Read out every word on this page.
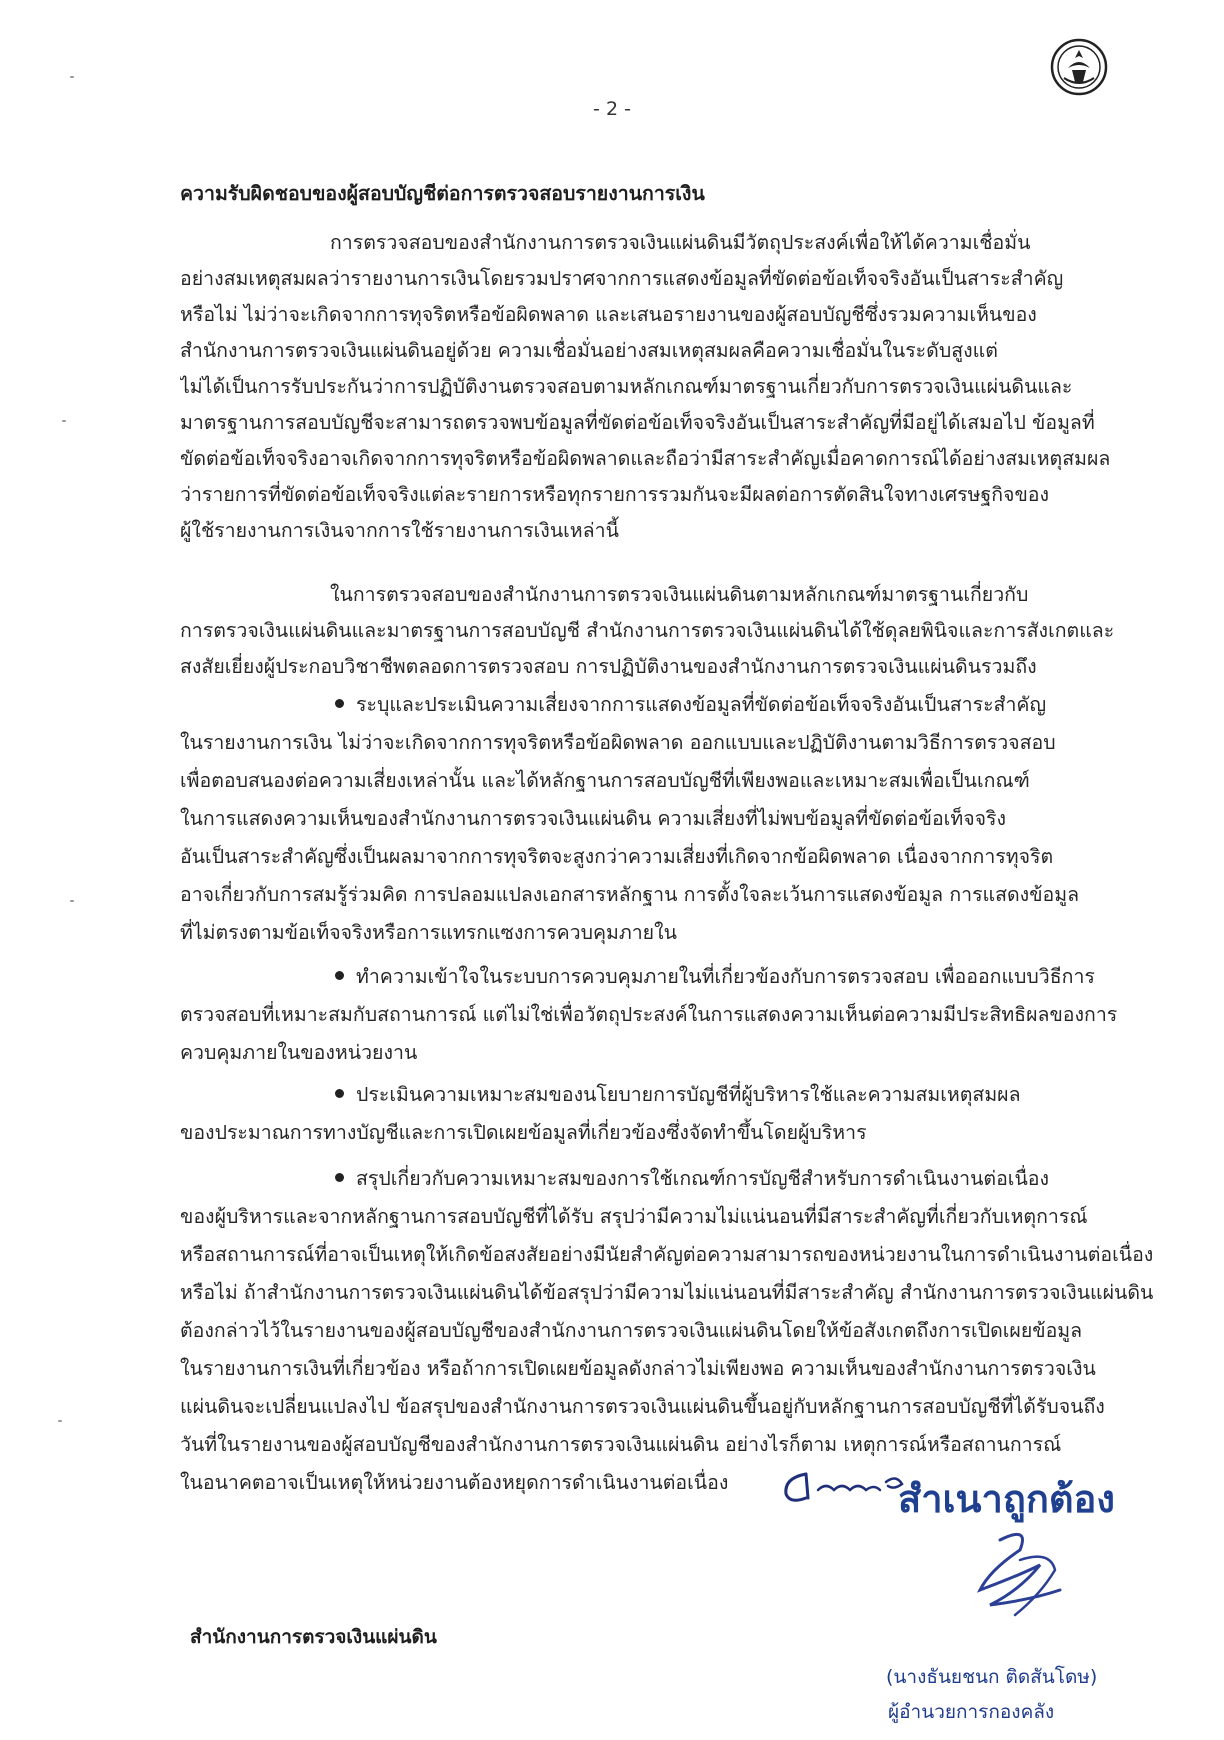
- 2 -
ความรับผิดชอบของผู้สอบบัญชีต่อการตรวจสอบรายงานการเงิน
การตรวจสอบของสำนักงานการตรวจเงินแผ่นดินมีวัตถุประสงค์เพื่อให้ได้ความเชื่อมั่น
อย่างสมเหตุสมผลว่ารายงานการเงินโดยรวมปราศจากการแสดงข้อมูลที่ขัดต่อข้อเท็จจริงอันเป็นสาระสำคัญ
หรือไม่ ไม่ว่าจะเกิดจากการทุจริตหรือข้อผิดพลาด และเสนอรายงานของผู้สอบบัญชีซึ่งรวมความเห็นของ
สำนักงานการตรวจเงินแผ่นดินอยู่ด้วย ความเชื่อมั่นอย่างสมเหตุสมผลคือความเชื่อมั่นในระดับสูงแต่
ไม่ได้เป็นการรับประกันว่าการปฏิบัติงานตรวจสอบตามหลักเกณฑ์มาตรฐานเกี่ยวกับการตรวจเงินแผ่นดินและ
มาตรฐานการสอบบัญชีจะสามารถตรวจพบข้อมูลที่ขัดต่อข้อเท็จจริงอันเป็นสาระสำคัญที่มีอยู่ได้เสมอไป ข้อมูลที่
ขัดต่อข้อเท็จจริงอาจเกิดจากการทุจริตหรือข้อผิดพลาดและถือว่ามีสาระสำคัญเมื่อคาดการณ์ได้อย่างสมเหตุสมผล
ว่ารายการที่ขัดต่อข้อเท็จจริงแต่ละรายการหรือทุกรายการรวมกันจะมีผลต่อการตัดสินใจทางเศรษฐกิจของ
ผู้ใช้รายงานการเงินจากการใช้รายงานการเงินเหล่านี้
ในการตรวจสอบของสำนักงานการตรวจเงินแผ่นดินตามหลักเกณฑ์มาตรฐานเกี่ยวกับ
การตรวจเงินแผ่นดินและมาตรฐานการสอบบัญชี สำนักงานการตรวจเงินแผ่นดินได้ใช้ดุลยพินิจและการสังเกตและ
สงสัยเยี่ยงผู้ประกอบวิชาชีพตลอดการตรวจสอบ การปฏิบัติงานของสำนักงานการตรวจเงินแผ่นดินรวมถึง
ระบุและประเมินความเสี่ยงจากการแสดงข้อมูลที่ขัดต่อข้อเท็จจริงอันเป็นสาระสำคัญ
ในรายงานการเงิน ไม่ว่าจะเกิดจากการทุจริตหรือข้อผิดพลาด ออกแบบและปฏิบัติงานตามวิธีการตรวจสอบ
เพื่อตอบสนองต่อความเสี่ยงเหล่านั้น และได้หลักฐานการสอบบัญชีที่เพียงพอและเหมาะสมเพื่อเป็นเกณฑ์
ในการแสดงความเห็นของสำนักงานการตรวจเงินแผ่นดิน ความเสี่ยงที่ไม่พบข้อมูลที่ขัดต่อข้อเท็จจริง
อันเป็นสาระสำคัญซึ่งเป็นผลมาจากการทุจริตจะสูงกว่าความเสี่ยงที่เกิดจากข้อผิดพลาด เนื่องจากการทุจริต
อาจเกี่ยวกับการสมรู้ร่วมคิด การปลอมแปลงเอกสารหลักฐาน การตั้งใจละเว้นการแสดงข้อมูล การแสดงข้อมูล
ที่ไม่ตรงตามข้อเท็จจริงหรือการแทรกแซงการควบคุมภายใน
ทำความเข้าใจในระบบการควบคุมภายในที่เกี่ยวข้องกับการตรวจสอบ เพื่อออกแบบวิธีการ
ตรวจสอบที่เหมาะสมกับสถานการณ์ แต่ไม่ใช่เพื่อวัตถุประสงค์ในการแสดงความเห็นต่อความมีประสิทธิผลของการ
ควบคุมภายในของหน่วยงาน
ประเมินความเหมาะสมของนโยบายการบัญชีที่ผู้บริหารใช้และความสมเหตุสมผล
ของประมาณการทางบัญชีและการเปิดเผยข้อมูลที่เกี่ยวข้องซึ่งจัดทำขึ้นโดยผู้บริหาร
สรุปเกี่ยวกับความเหมาะสมของการใช้เกณฑ์การบัญชีสำหรับการดำเนินงานต่อเนื่อง
ของผู้บริหารและจากหลักฐานการสอบบัญชีที่ได้รับ สรุปว่ามีความไม่แน่นอนที่มีสาระสำคัญที่เกี่ยวกับเหตุการณ์
หรือสถานการณ์ที่อาจเป็นเหตุให้เกิดข้อสงสัยอย่างมีนัยสำคัญต่อความสามารถของหน่วยงานในการดำเนินงานต่อเนื่อง
หรือไม่ ถ้าสำนักงานการตรวจเงินแผ่นดินได้ข้อสรุปว่ามีความไม่แน่นอนที่มีสาระสำคัญ สำนักงานการตรวจเงินแผ่นดิน
ต้องกล่าวไว้ในรายงานของผู้สอบบัญชีของสำนักงานการตรวจเงินแผ่นดินโดยให้ข้อสังเกตถึงการเปิดเผยข้อมูล
ในรายงานการเงินที่เกี่ยวข้อง หรือถ้าการเปิดเผยข้อมูลดังกล่าวไม่เพียงพอ ความเห็นของสำนักงานการตรวจเงิน
แผ่นดินจะเปลี่ยนแปลงไป ข้อสรุปของสำนักงานการตรวจเงินแผ่นดินขึ้นอยู่กับหลักฐานการสอบบัญชีที่ได้รับจนถึง
วันที่ในรายงานของผู้สอบบัญชีของสำนักงานการตรวจเงินแผ่นดิน อย่างไรก็ตาม เหตุการณ์หรือสถานการณ์
ในอนาคตอาจเป็นเหตุให้หน่วยงานต้องหยุดการดำเนินงานต่อเนื่อง	สำเนาถูกต้อง
สำนักงานการตรวจเงินแผ่นดิน
(นางธันยชนก ติดสันโดษ)
ผู้อำนวยการกองคลัง
